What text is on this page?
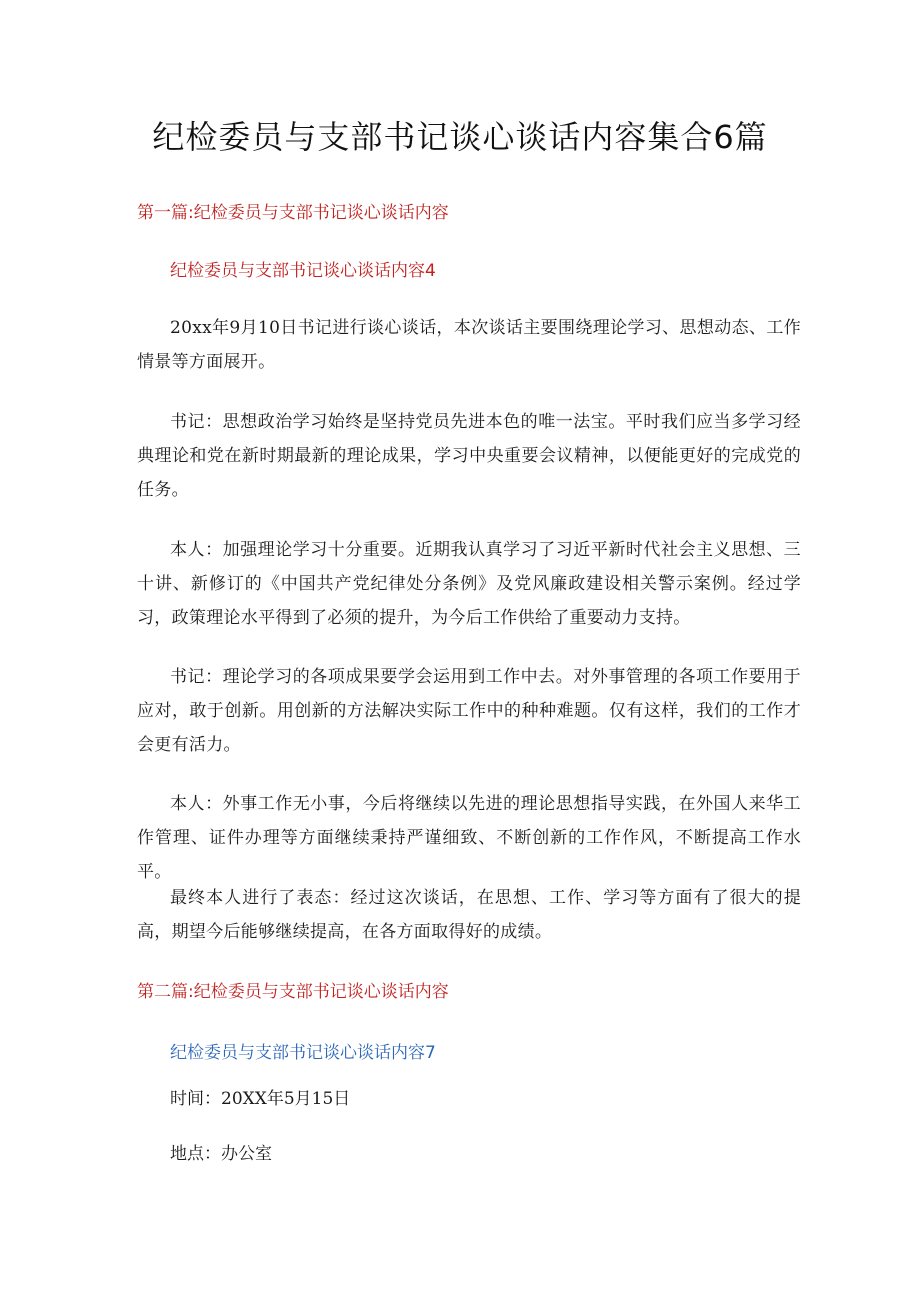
纪检委员与支部书记谈心谈话内容集合6篇
第一篇:纪检委员与支部书记谈心谈话内容
纪检委员与支部书记谈心谈话内容4

20xx年9月10日书记进行谈心谈话，本次谈话主要围绕理论学习、思想动态、工作情景等方面展开。

书记：思想政治学习始终是坚持党员先进本色的唯一法宝。平时我们应当多学习经典理论和党在新时期最新的理论成果，学习中央重要会议精神，以便能更好的完成党的任务。

本人：加强理论学习十分重要。近期我认真学习了习近平新时代社会主义思想、三十讲、新修订的《中国共产党纪律处分条例》及党风廉政建设相关警示案例。经过学习，政策理论水平得到了必须的提升，为今后工作供给了重要动力支持。

书记：理论学习的各项成果要学会运用到工作中去。对外事管理的各项工作要用于应对，敢于创新。用创新的方法解决实际工作中的种种难题。仅有这样，我们的工作才会更有活力。

本人：外事工作无小事，今后将继续以先进的理论思想指导实践，在外国人来华工作管理、证件办理等方面继续秉持严谨细致、不断创新的工作作风，不断提高工作水平。

最终本人进行了表态：经过这次谈话，在思想、工作、学习等方面有了很大的提高，期望今后能够继续提高，在各方面取得好的成绩。

第二篇:纪检委员与支部书记谈心谈话内容
纪检委员与支部书记谈心谈话内容7

时间：20XX年5月15日

地点：办公室
